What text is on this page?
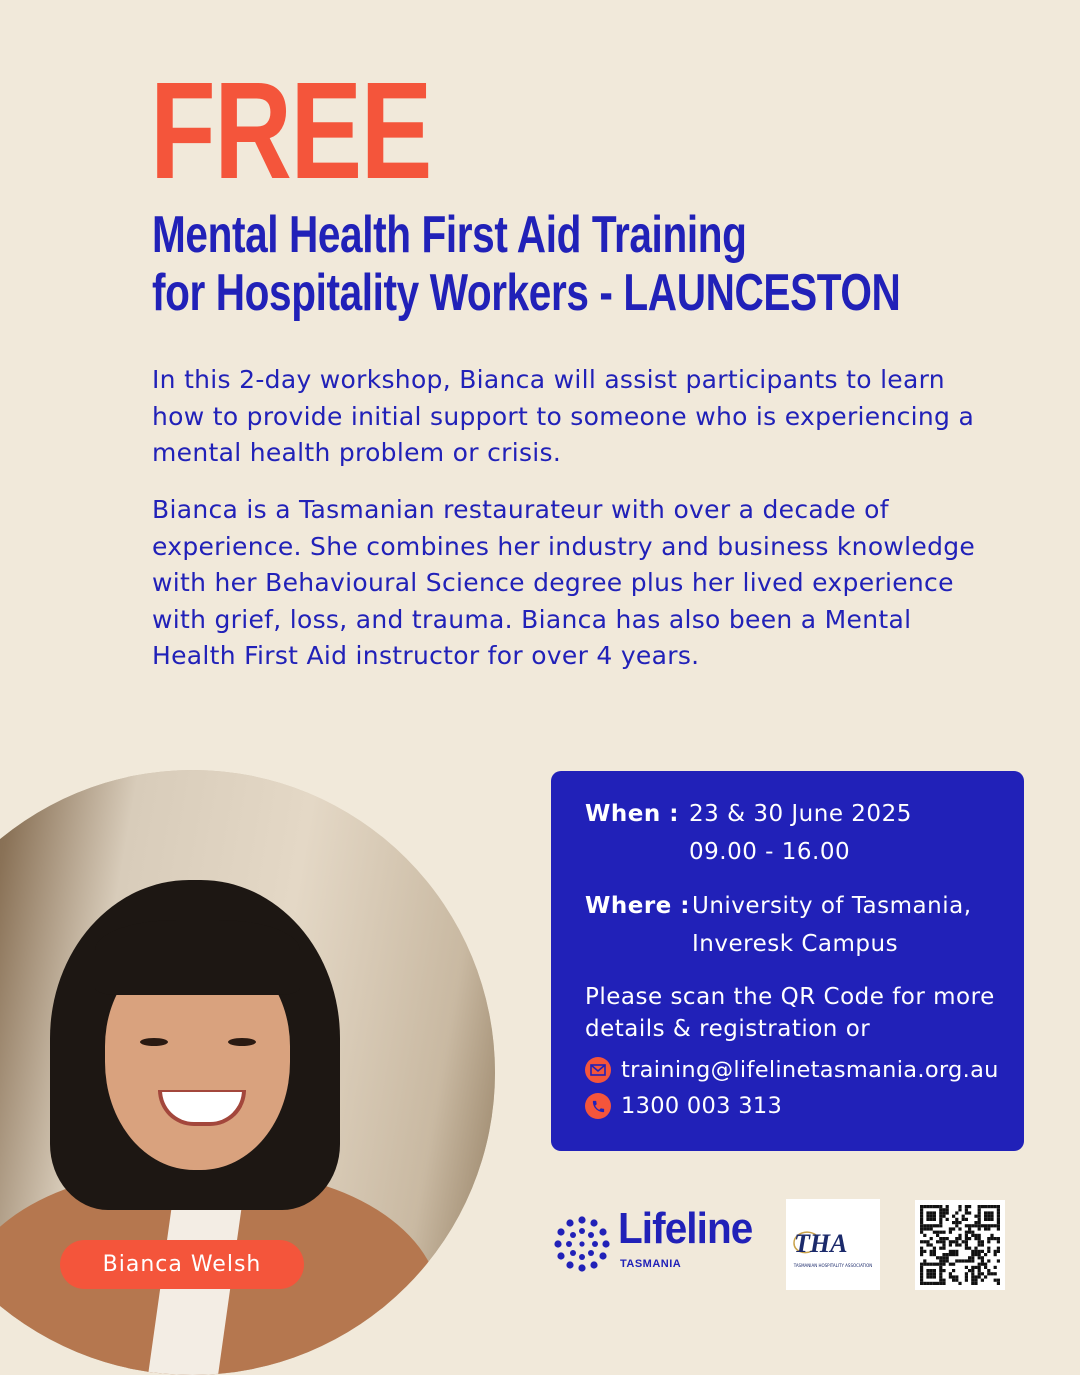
FREE
Mental Health First Aid Training
for Hospitality Workers - LAUNCESTON

In this 2-day workshop, Bianca will assist participants to learn how to provide initial support to someone who is experiencing a mental health problem or crisis.

Bianca is a Tasmanian restaurateur with over a decade of experience. She combines her industry and business knowledge with her Behavioural Science degree plus her lived experience with grief, loss, and trauma. Bianca has also been a Mental Health First Aid instructor for over 4 years.

Bianca Welsh
When : 23 & 30 June 2025
09.00 - 16.00
Where :University of Tasmania,
Inveresk Campus
Please scan the QR Code for more details & registration or
training@lifelinetasmania.org.au
1300 003 313
Lifeline
TASMANIA
THA
TASMANIAN HOSPITALITY ASSOCIATION
